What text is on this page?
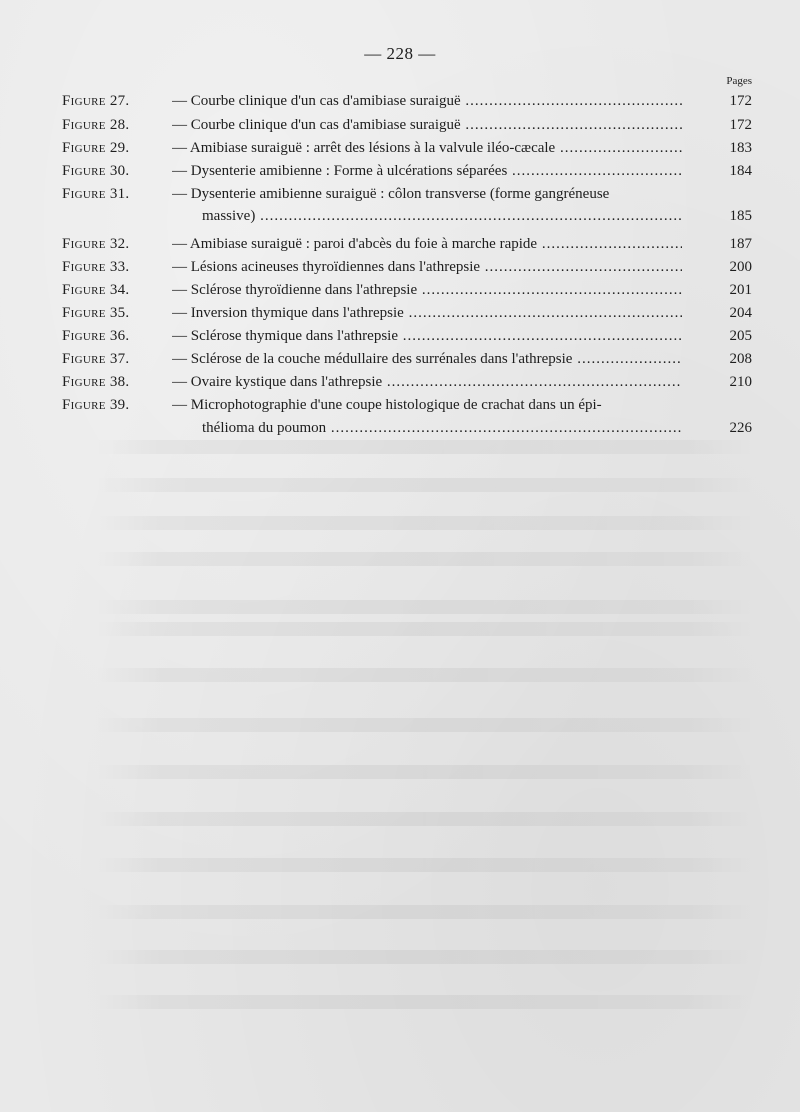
— 228 —
Pages
Figure 27.	— Courbe clinique d'un cas d'amibiase suraiguë .....	172
Figure 28.	— Courbe clinique d'un cas d'amibiase suraiguë .....	172
Figure 29.	— Amibiase suraiguë : arrêt des lésions à la valvule iléo-cæcale .....	183
Figure 30.	— Dysenterie amibienne : Forme à ulcérations séparées .....	184
Figure 31.	— Dysenterie amibienne suraiguë : côlon transverse (forme gangréneuse
massive) .....	185
Figure 32.	— Amibiase suraiguë : paroi d'abcès du foie à marche rapide .....	187
Figure 33.	— Lésions acineuses thyroïdiennes dans l'athrepsie .....	200
Figure 34.	— Sclérose thyroïdienne dans l'athrepsie .....	201
Figure 35.	— Inversion thymique dans l'athrepsie .....	204
Figure 36.	— Sclérose thymique dans l'athrepsie .....	205
Figure 37.	— Sclérose de la couche médullaire des surrénales dans l'athrepsie .....	208
Figure 38.	— Ovaire kystique dans l'athrepsie .....	210
Figure 39.	— Microphotographie d'une coupe histologique de crachat dans un épi-
thélioma du poumon .....	226
